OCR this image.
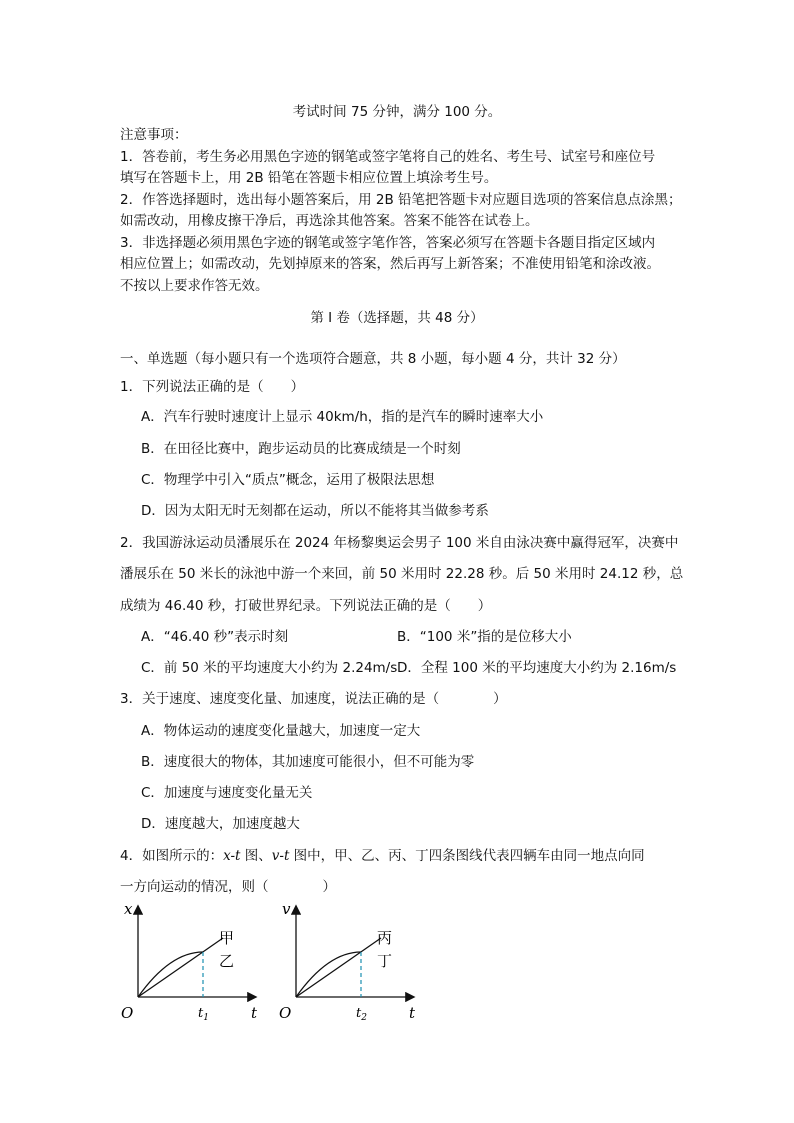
考试时间 75 分钟，满分 100 分。
注意事项：
1．答卷前，考生务必用黑色字迹的钢笔或签字笔将自己的姓名、考生号、试室号和座位号
填写在答题卡上，用 2B 铅笔在答题卡相应位置上填涂考生号。
2．作答选择题时，选出每小题答案后，用 2B 铅笔把答题卡对应题目选项的答案信息点涂黑；
如需改动，用橡皮擦干净后，再选涂其他答案。答案不能答在试卷上。
3．非选择题必须用黑色字迹的钢笔或签字笔作答，答案必须写在答题卡各题目指定区域内
相应位置上；如需改动，先划掉原来的答案，然后再写上新答案；不准使用铅笔和涂改液。
不按以上要求作答无效。
第 I 卷（选择题，共 48 分）
一、单选题（每小题只有一个选项符合题意，共 8 小题，每小题 4 分，共计 32 分）
1．下列说法正确的是（　　）
A．汽车行驶时速度计上显示 40km/h，指的是汽车的瞬时速率大小
B．在田径比赛中，跑步运动员的比赛成绩是一个时刻
C．物理学中引入“质点”概念，运用了极限法思想
D．因为太阳无时无刻都在运动，所以不能将其当做参考系
2．我国游泳运动员潘展乐在 2024 年杨黎奥运会男子 100 米自由泳决赛中赢得冠军，决赛中
潘展乐在 50 米长的泳池中游一个来回，前 50 米用时 22.28 秒。后 50 米用时 24.12 秒，总
成绩为 46.40 秒，打破世界纪录。下列说法正确的是（　　）
A．“46.40 秒”表示时刻	B．“100 米”指的是位移大小
C．前 50 米的平均速度大小约为 2.24m/s D．全程 100 米的平均速度大小约为 2.16m/s
3．关于速度、速度变化量、加速度，说法正确的是（　　　　）
A．物体运动的速度变化量越大，加速度一定大
B．速度很大的物体，其加速度可能很小，但不可能为零
C．加速度与速度变化量无关
D．速度越大，加速度越大
4．如图所示的：x-t 图、v-t 图中，甲、乙、丙、丁四条图线代表四辆车由同一地点向同
一方向运动的情况，则（　　　　）
x
t
O	$t_1$
甲
乙
v
t
O	$t_2$
丙
丁
